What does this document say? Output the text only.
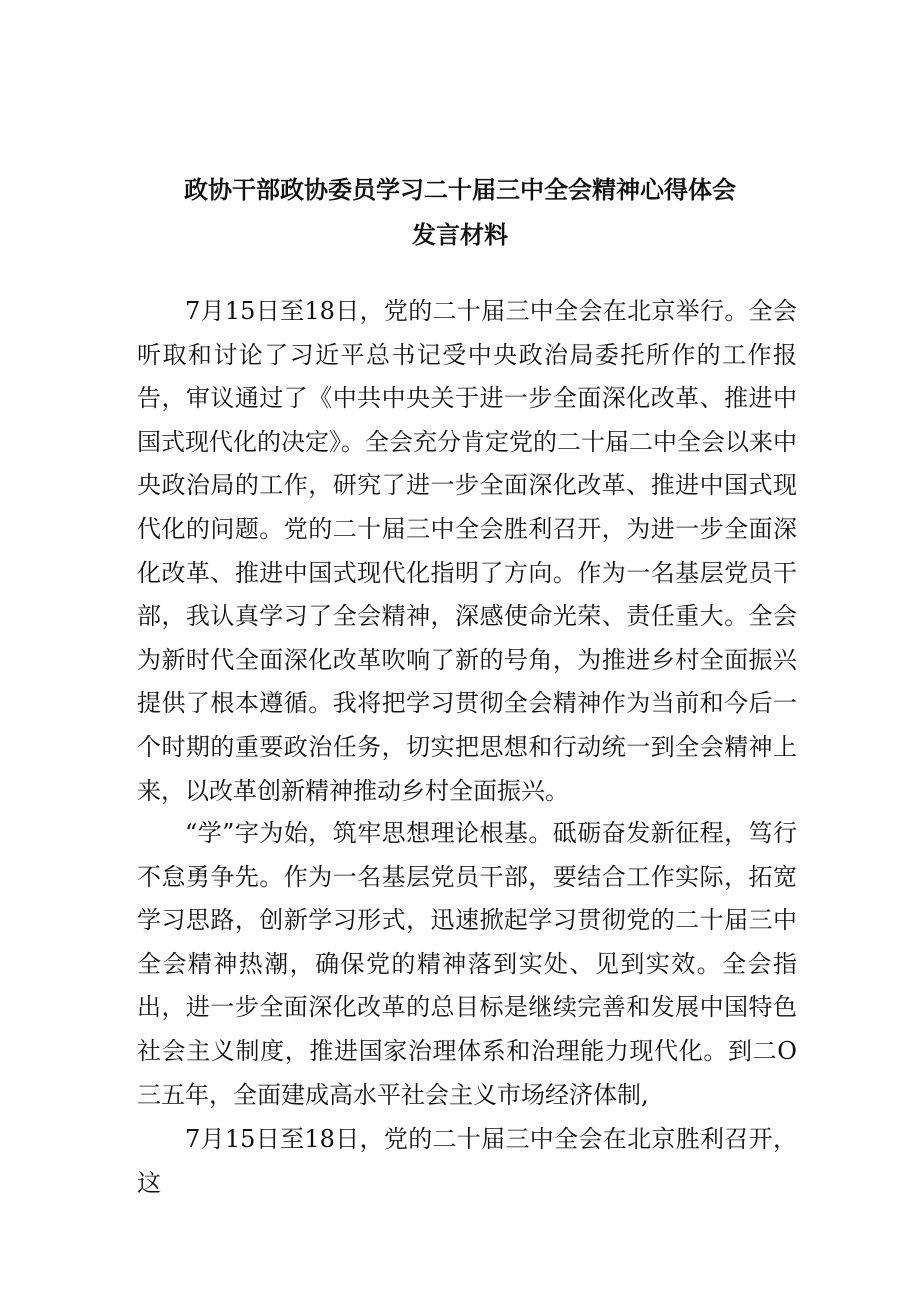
政协干部政协委员学习二十届三中全会精神心得体会
发言材料

7月15日至18日，党的二十届三中全会在北京举行。全会听取和讨论了习近平总书记受中央政治局委托所作的工作报告，审议通过了《中共中央关于进一步全面深化改革、推进中国式现代化的决定》。全会充分肯定党的二十届二中全会以来中央政治局的工作，研究了进一步全面深化改革、推进中国式现代化的问题。党的二十届三中全会胜利召开，为进一步全面深化改革、推进中国式现代化指明了方向。作为一名基层党员干部，我认真学习了全会精神，深感使命光荣、责任重大。全会为新时代全面深化改革吹响了新的号角，为推进乡村全面振兴提供了根本遵循。我将把学习贯彻全会精神作为当前和今后一个时期的重要政治任务，切实把思想和行动统一到全会精神上来，以改革创新精神推动乡村全面振兴。

“学”字为始，筑牢思想理论根基。砥砺奋发新征程，笃行不怠勇争先。作为一名基层党员干部，要结合工作实际，拓宽学习思路，创新学习形式，迅速掀起学习贯彻党的二十届三中全会精神热潮，确保党的精神落到实处、见到实效。全会指出，进一步全面深化改革的总目标是继续完善和发展中国特色社会主义制度，推进国家治理体系和治理能力现代化。到二O三五年，全面建成高水平社会主义市场经济体制,

7月15日至18日，党的二十届三中全会在北京胜利召开，这
